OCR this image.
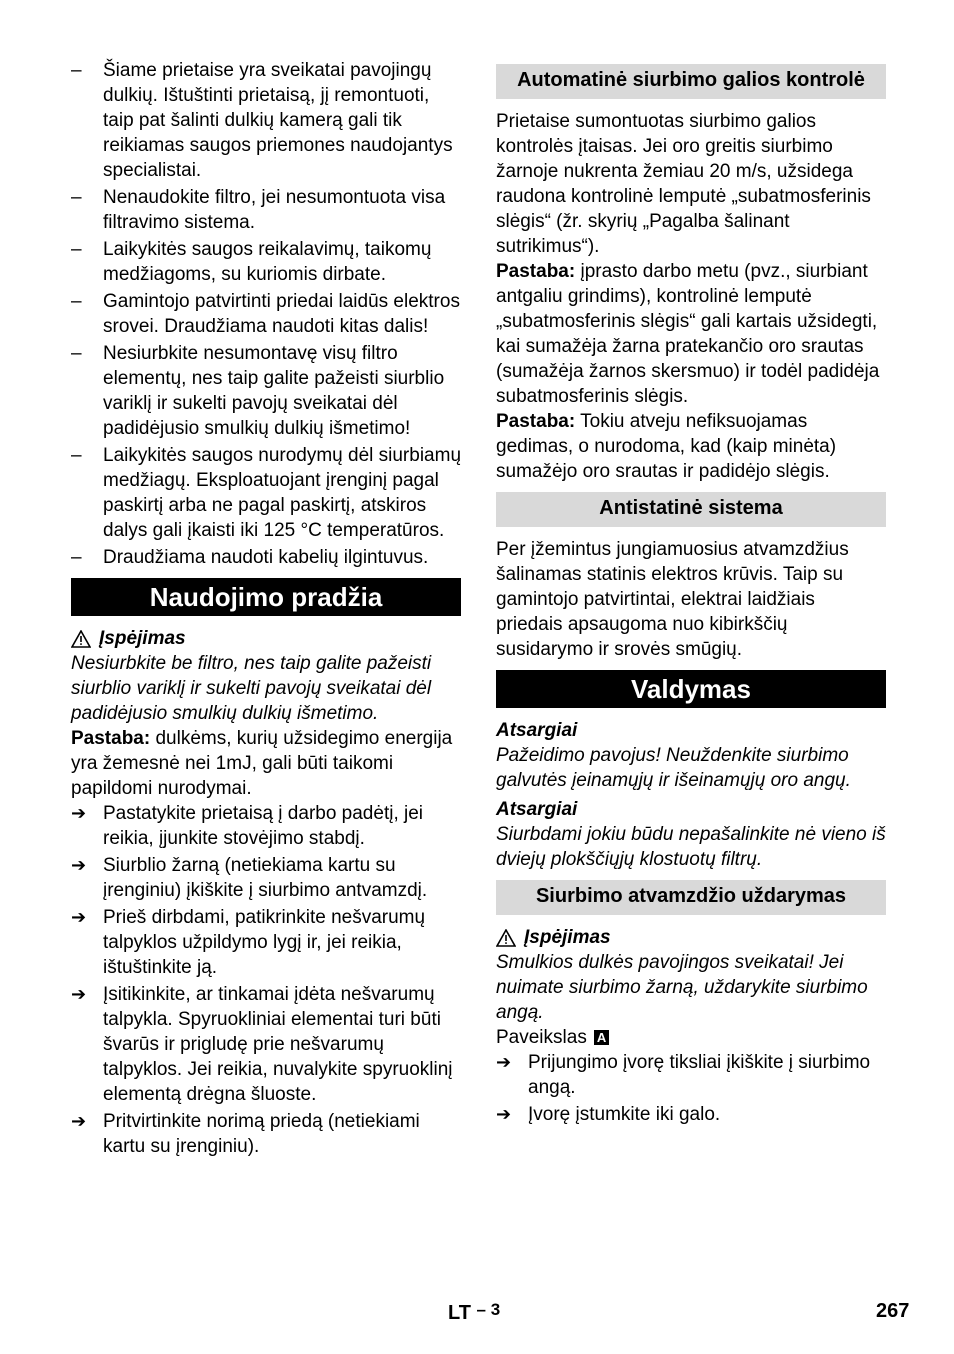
–
Šiame prietaise yra sveikatai pavojingų dulkių. Ištuštinti prietaisą, jį remontuoti, taip pat šalinti dulkių kamerą gali tik reikiamas saugos priemones naudojantys specialistai.
–
Nenaudokite filtro, jei nesumontuota visa filtravimo sistema.
–
Laikykitės saugos reikalavimų, taikomų medžiagoms, su kuriomis dirbate.
–
Gamintojo patvirtinti priedai laidūs elektros srovei. Draudžiama naudoti kitas dalis!
–
Nesiurbkite nesumontavę visų filtro elementų, nes taip galite pažeisti siurblio variklį ir sukelti pavojų sveikatai dėl padidėjusio smulkių dulkių išmetimo!
–
Laikykitės saugos nurodymų dėl siurbiamų medžiagų. Eksploatuojant įrenginį pagal paskirtį arba ne pagal paskirtį, atskiros dalys gali įkaisti iki 125 °C temperatūros.
–
Draudžiama naudoti kabelių ilgintuvus.
Naudojimo pradžia
Įspėjimas
Nesiurbkite be filtro, nes taip galite pažeisti siurblio variklį ir sukelti pavojų sveikatai dėl padidėjusio smulkių dulkių išmetimo.
Pastaba: dulkėms, kurių užsidegimo energija yra žemesnė nei 1mJ, gali būti taikomi papildomi nurodymai.
➔ Pastatykite prietaisą į darbo padėtį, jei reikia, įjunkite stovėjimo stabdį.
➔ Siurblio žarną (netiekiama kartu su įrenginiu) įkiškite į siurbimo antvamzdį.
➔ Prieš dirbdami, patikrinkite nešvarumų talpyklos užpildymo lygį ir, jei reikia, ištuštinkite ją.
➔ Įsitikinkite, ar tinkamai įdėta nešvarumų talpykla. Spyruokliniai elementai turi būti švarūs ir prigludę prie nešvarumų talpyklos. Jei reikia, nuvalykite spyruoklinį elementą drėgna šluoste.
➔ Pritvirtinkite norimą priedą (netiekiami kartu su įrenginiu).
Automatinė siurbimo galios kontrolė
Prietaise sumontuotas siurbimo galios kontrolės įtaisas. Jei oro greitis siurbimo žarnoje nukrenta žemiau 20 m/s, užsidega raudona kontrolinė lemputė „subatmosferinis slėgis“ (žr. skyrių „Pagalba šalinant sutrikimus“).
Pastaba: įprasto darbo metu (pvz., siurbiant antgaliu grindims), kontrolinė lemputė „subatmosferinis slėgis“ gali kartais užsidegti, kai sumažėja žarna pratekančio oro srautas (sumažėja žarnos skersmuo) ir todėl padidėja subatmosferinis slėgis.
Pastaba: Tokiu atveju nefiksuojamas gedimas, o nurodoma, kad (kaip minėta) sumažėjo oro srautas ir padidėjo slėgis.
Antistatinė sistema
Per įžemintus jungiamuosius atvamzdžius šalinamas statinis elektros krūvis. Taip su gamintojo patvirtintai, elektrai laidžiais priedais apsaugoma nuo kibirkščių susidarymo ir srovės smūgių.
Valdymas
Atsargiai
Pažeidimo pavojus! Neuždenkite siurbimo galvutės įeinamųjų ir išeinamųjų oro angų.
Atsargiai
Siurbdami jokiu būdu nepašalinkite nė vieno iš dviejų plokščiųjų klostuotų filtrų.
Siurbimo atvamzdžio uždarymas
Įspėjimas
Smulkios dulkės pavojingos sveikatai! Jei nuimate siurbimo žarną, uždarykite siurbimo angą.
Paveikslas A
➔ Prijungimo įvorę tiksliai įkiškite į siurbimo angą.
➔ Įvorę įstumkite iki galo.
LT $^{- 3}$	267
